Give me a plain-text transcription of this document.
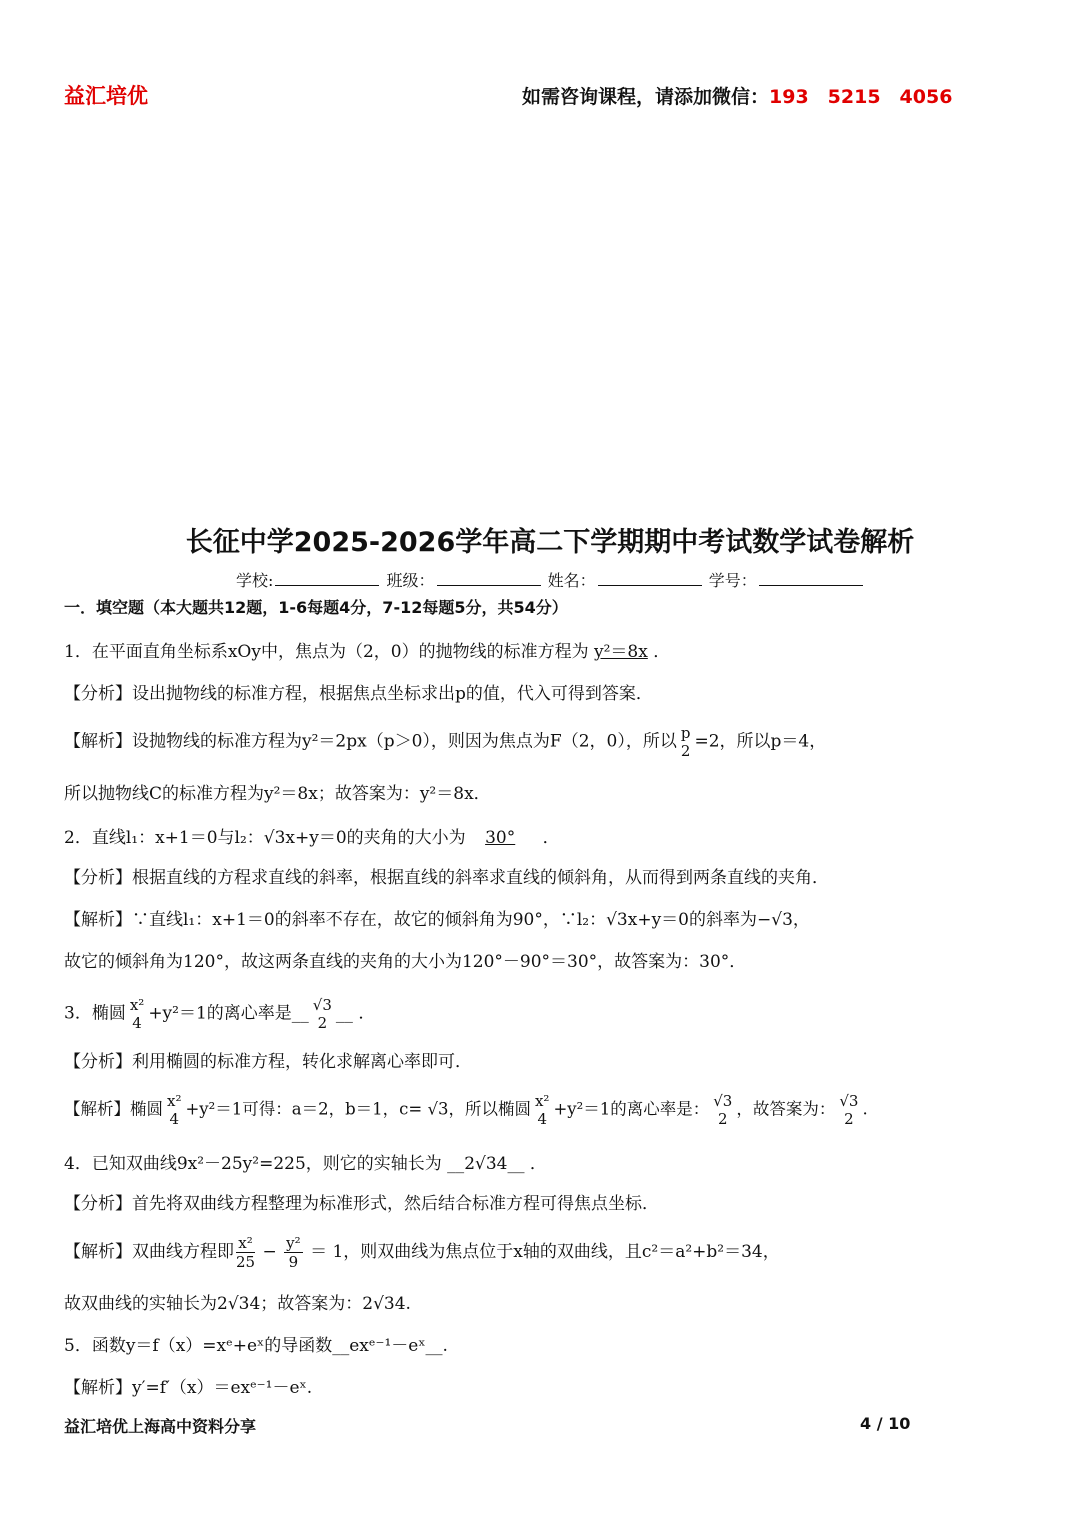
益汇培优	如需咨询课程，请添加微信：193　5215　4056
长征中学2025-2026学年高二下学期期中考试数学试卷解析
学校:	班级：	姓名：	学号：
一．填空题（本大题共12题，1-6每题4分，7-12每题5分，共54分）
1．在平面直角坐标系xOy中，焦点为（2，0）的抛物线的标准方程为 y²＝8x ．
【分析】设出抛物线的标准方程，根据焦点坐标求出p的值，代入可得到答案．
【解析】设抛物线的标准方程为y²＝2px（p＞0），则因为焦点为F（2，0），所以 p
2 =2，所以p＝4，
所以抛物线C的标准方程为y²＝8x；故答案为：y²＝8x．
2．直线l₁：x+1＝0与l₂：√3x+y＝0的夹角的大小为 30° ．
【分析】根据直线的方程求直线的斜率，根据直线的斜率求直线的倾斜角，从而得到两条直线的夹角．
【解析】∵直线l₁：x+1＝0的斜率不存在，故它的倾斜角为90°，∵l₂：√3x+y＝0的斜率为−√3，
故它的倾斜角为120°，故这两条直线的夹角的大小为120°－90°＝30°，故答案为：30°．
3．椭圆 x²
4 +y²＝1的离心率是__ √3
2 __ ．
【分析】利用椭圆的标准方程，转化求解离心率即可．
【解析】椭圆 x²
4
+y²＝1可得：a＝2，b＝1，c= √3，所以椭圆 x²
4
+y²＝1的离心率是： √3
2
，故答案为： √3
2
.
4．已知双曲线9x²－25y²=225，则它的实轴长为 __2√34__ ．
【分析】首先将双曲线方程整理为标准形式，然后结合标准方程可得焦点坐标．
【解析】双曲线方程即 $\frac{\text{x²}}{25} - \frac{\text{y²}}{9} = 1$，则双曲线为焦点位于x轴的双曲线，且c²＝a²+b²＝34，
故双曲线的实轴长为2√34；故答案为：2√34.
5．函数y＝f（x）=xᵉ+eˣ的导函数__exᵉ⁻¹－eˣ__.
【解析】y′=f′（x）＝exᵉ⁻¹－eˣ.
益汇培优上海高中资料分享	4 / 10
